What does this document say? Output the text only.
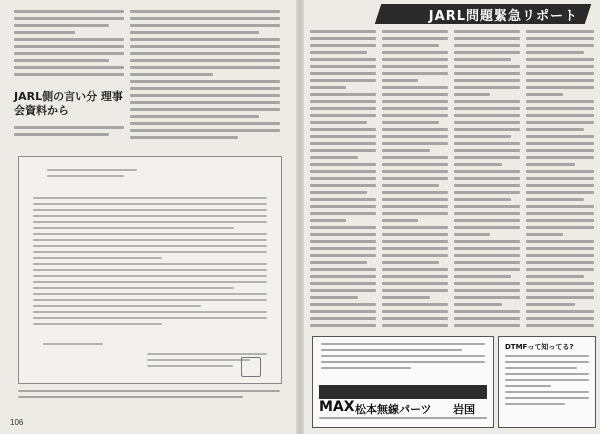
JARL側の言い分 理事会資料から
106
JARL問題緊急リポート
MAX 松本無線パーツ 岩国
DTMFって知ってる?
